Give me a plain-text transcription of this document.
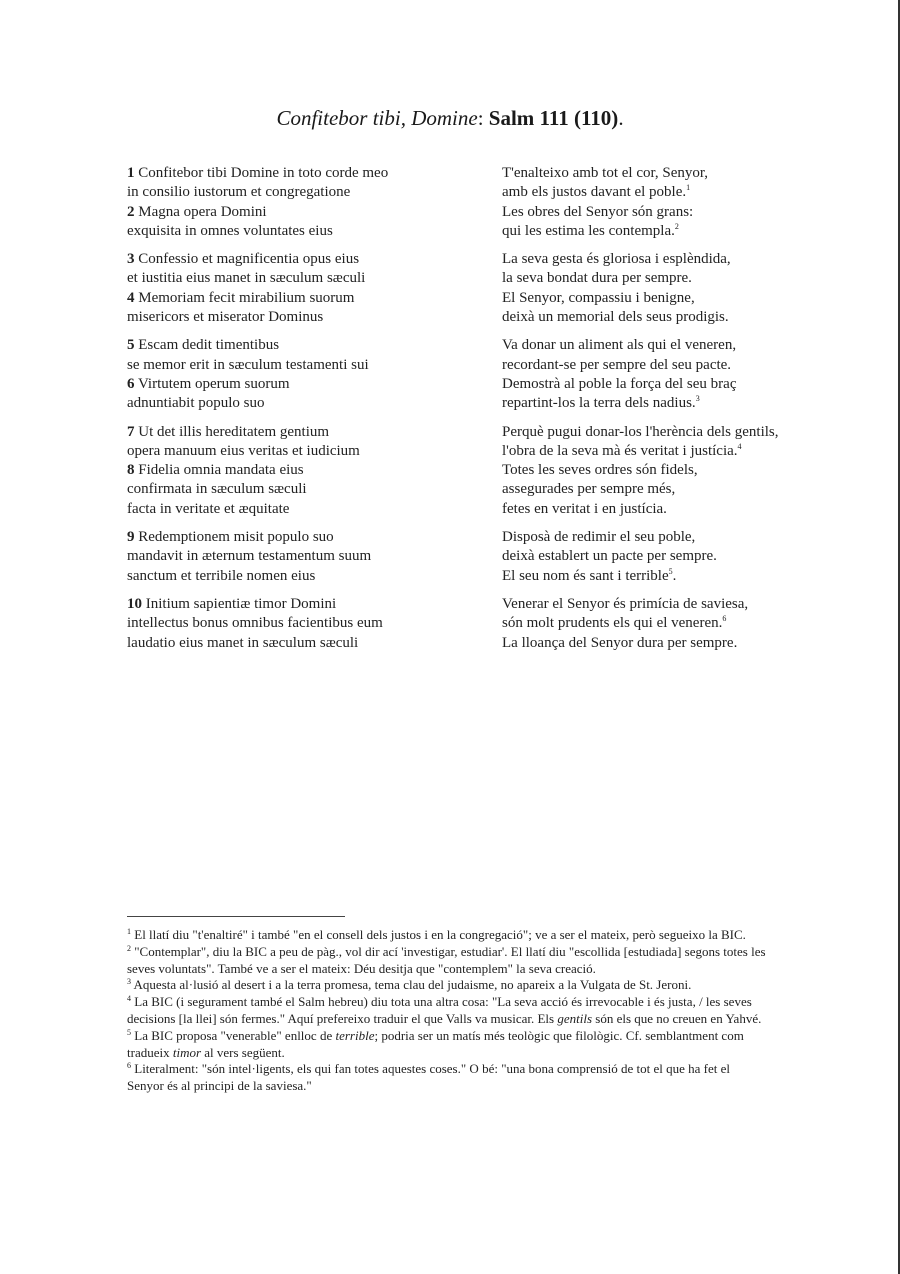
Confitebor tibi, Domine: Salm 111 (110).
1 Confitebor tibi Domine in toto corde meo
in consilio iustorum et congregatione
2 Magna opera Domini
exquisita in omnes voluntates eius
3 Confessio et magnificentia opus eius
et iustitia eius manet in sæculum sæculi
4 Memoriam fecit mirabilium suorum
misericors et miserator Dominus
5 Escam dedit timentibus
se memor erit in sæculum testamenti sui
6 Virtutem operum suorum
adnuntiabit populo suo
7 Ut det illis hereditatem gentium
opera manuum eius veritas et iudicium
8 Fidelia omnia mandata eius
confirmata in sæculum sæculi
facta in veritate et æquitate
9 Redemptionem misit populo suo
mandavit in æternum testamentum suum
sanctum et terribile nomen eius
10 Initium sapientiæ timor Domini
intellectus bonus omnibus facientibus eum
laudatio eius manet in sæculum sæculi
T'enalteixo amb tot el cor, Senyor,
amb els justos davant el poble.$^1$
Les obres del Senyor són grans:
qui les estima les contempla.$^2$
La seva gesta és gloriosa i esplèndida,
la seva bondat dura per sempre.
El Senyor, compassiu i benigne,
deixà un memorial dels seus prodigis.
Va donar un aliment als qui el veneren,
recordant-se per sempre del seu pacte.
Demostrà al poble la força del seu braç
repartint-los la terra dels nadius.$^3$
Perquè pugui donar-los l'herència dels gentils,
l'obra de la seva mà és veritat i justícia.$^4$
Totes les seves ordres són fidels,
assegurades per sempre més,
fetes en veritat i en justícia.
Disposà de redimir el seu poble,
deixà establert un pacte per sempre.
El seu nom és sant i terrible$^5$.
Venerar el Senyor és primícia de saviesa,
són molt prudents els qui el veneren.$^6$
La lloança del Senyor dura per sempre.
$^1$ El llatí diu "t'enaltiré" i també "en el consell dels justos i en la congregació"; ve a ser el mateix, però segueixo la BIC.
$^2$ "Contemplar", diu la BIC a peu de pàg., vol dir ací 'investigar, estudiar'. El llatí diu "escollida [estudiada] segons totes les seves voluntats". També ve a ser el mateix: Déu desitja que "contemplem" la seva creació.
$^3$ Aquesta al·lusió al desert i a la terra promesa, tema clau del judaisme, no apareix a la Vulgata de St. Jeroni.
$^4$ La BIC (i segurament també el Salm hebreu) diu tota una altra cosa: "La seva acció és irrevocable i és justa, / les seves decisions [la llei] són fermes." Aquí prefereixo traduir el que Valls va musicar. Els gentils són els que no creuen en Yahvé.
$^5$ La BIC proposa "venerable" enlloc de terrible; podria ser un matís més teològic que filològic. Cf. semblantment com tradueix timor al vers següent.
$^6$ Literalment: "són intel·ligents, els qui fan totes aquestes coses." O bé: "una bona comprensió de tot el que ha fet el Senyor és al principi de la saviesa."
